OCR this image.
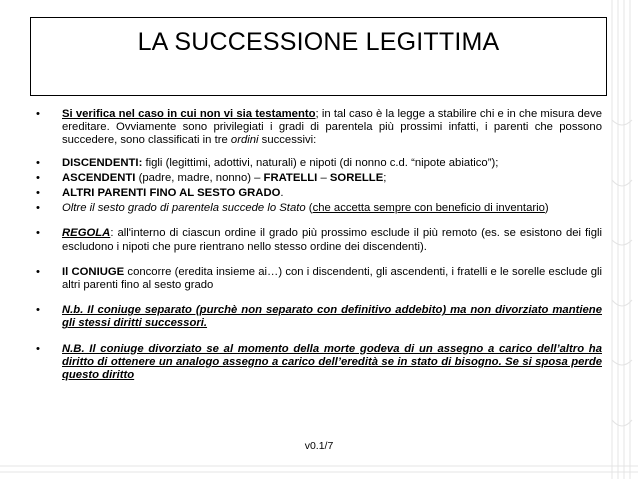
LA SUCCESSIONE LEGITTIMA
• Si verifica nel caso in cui non vi sia testamento; in tal caso è la legge a stabilire chi e in che misura deve ereditare. Ovviamente sono privilegiati i gradi di parentela più prossimi infatti, i parenti che possono succedere, sono classificati in tre ordini successivi:
• DISCENDENTI: figli (legittimi, adottivi, naturali) e nipoti (di nonno c.d. “nipote abiatico”);
• ASCENDENTI (padre, madre, nonno) – FRATELLI – SORELLE;
• ALTRI PARENTI FINO AL SESTO GRADO.
• Oltre il sesto grado di parentela succede lo Stato (che accetta sempre con beneficio di inventario)
• REGOLA: all'interno di ciascun ordine il grado più prossimo esclude il più remoto (es. se esistono dei figli escludono i nipoti che pure rientrano nello stesso ordine dei discendenti).
• Il CONIUGE concorre (eredita insieme ai…) con i discendenti, gli ascendenti, i fratelli e le sorelle esclude gli altri parenti fino al sesto grado
• N.b. Il coniuge separato (purchè non separato con definitivo addebito) ma non divorziato mantiene gli stessi diritti successori.
• N.B. Il coniuge divorziato se al momento della morte godeva di un assegno a carico dell’altro ha diritto di ottenere un analogo assegno a carico dell’eredità se in stato di bisogno. Se si sposa perde questo diritto
v0.1/7
